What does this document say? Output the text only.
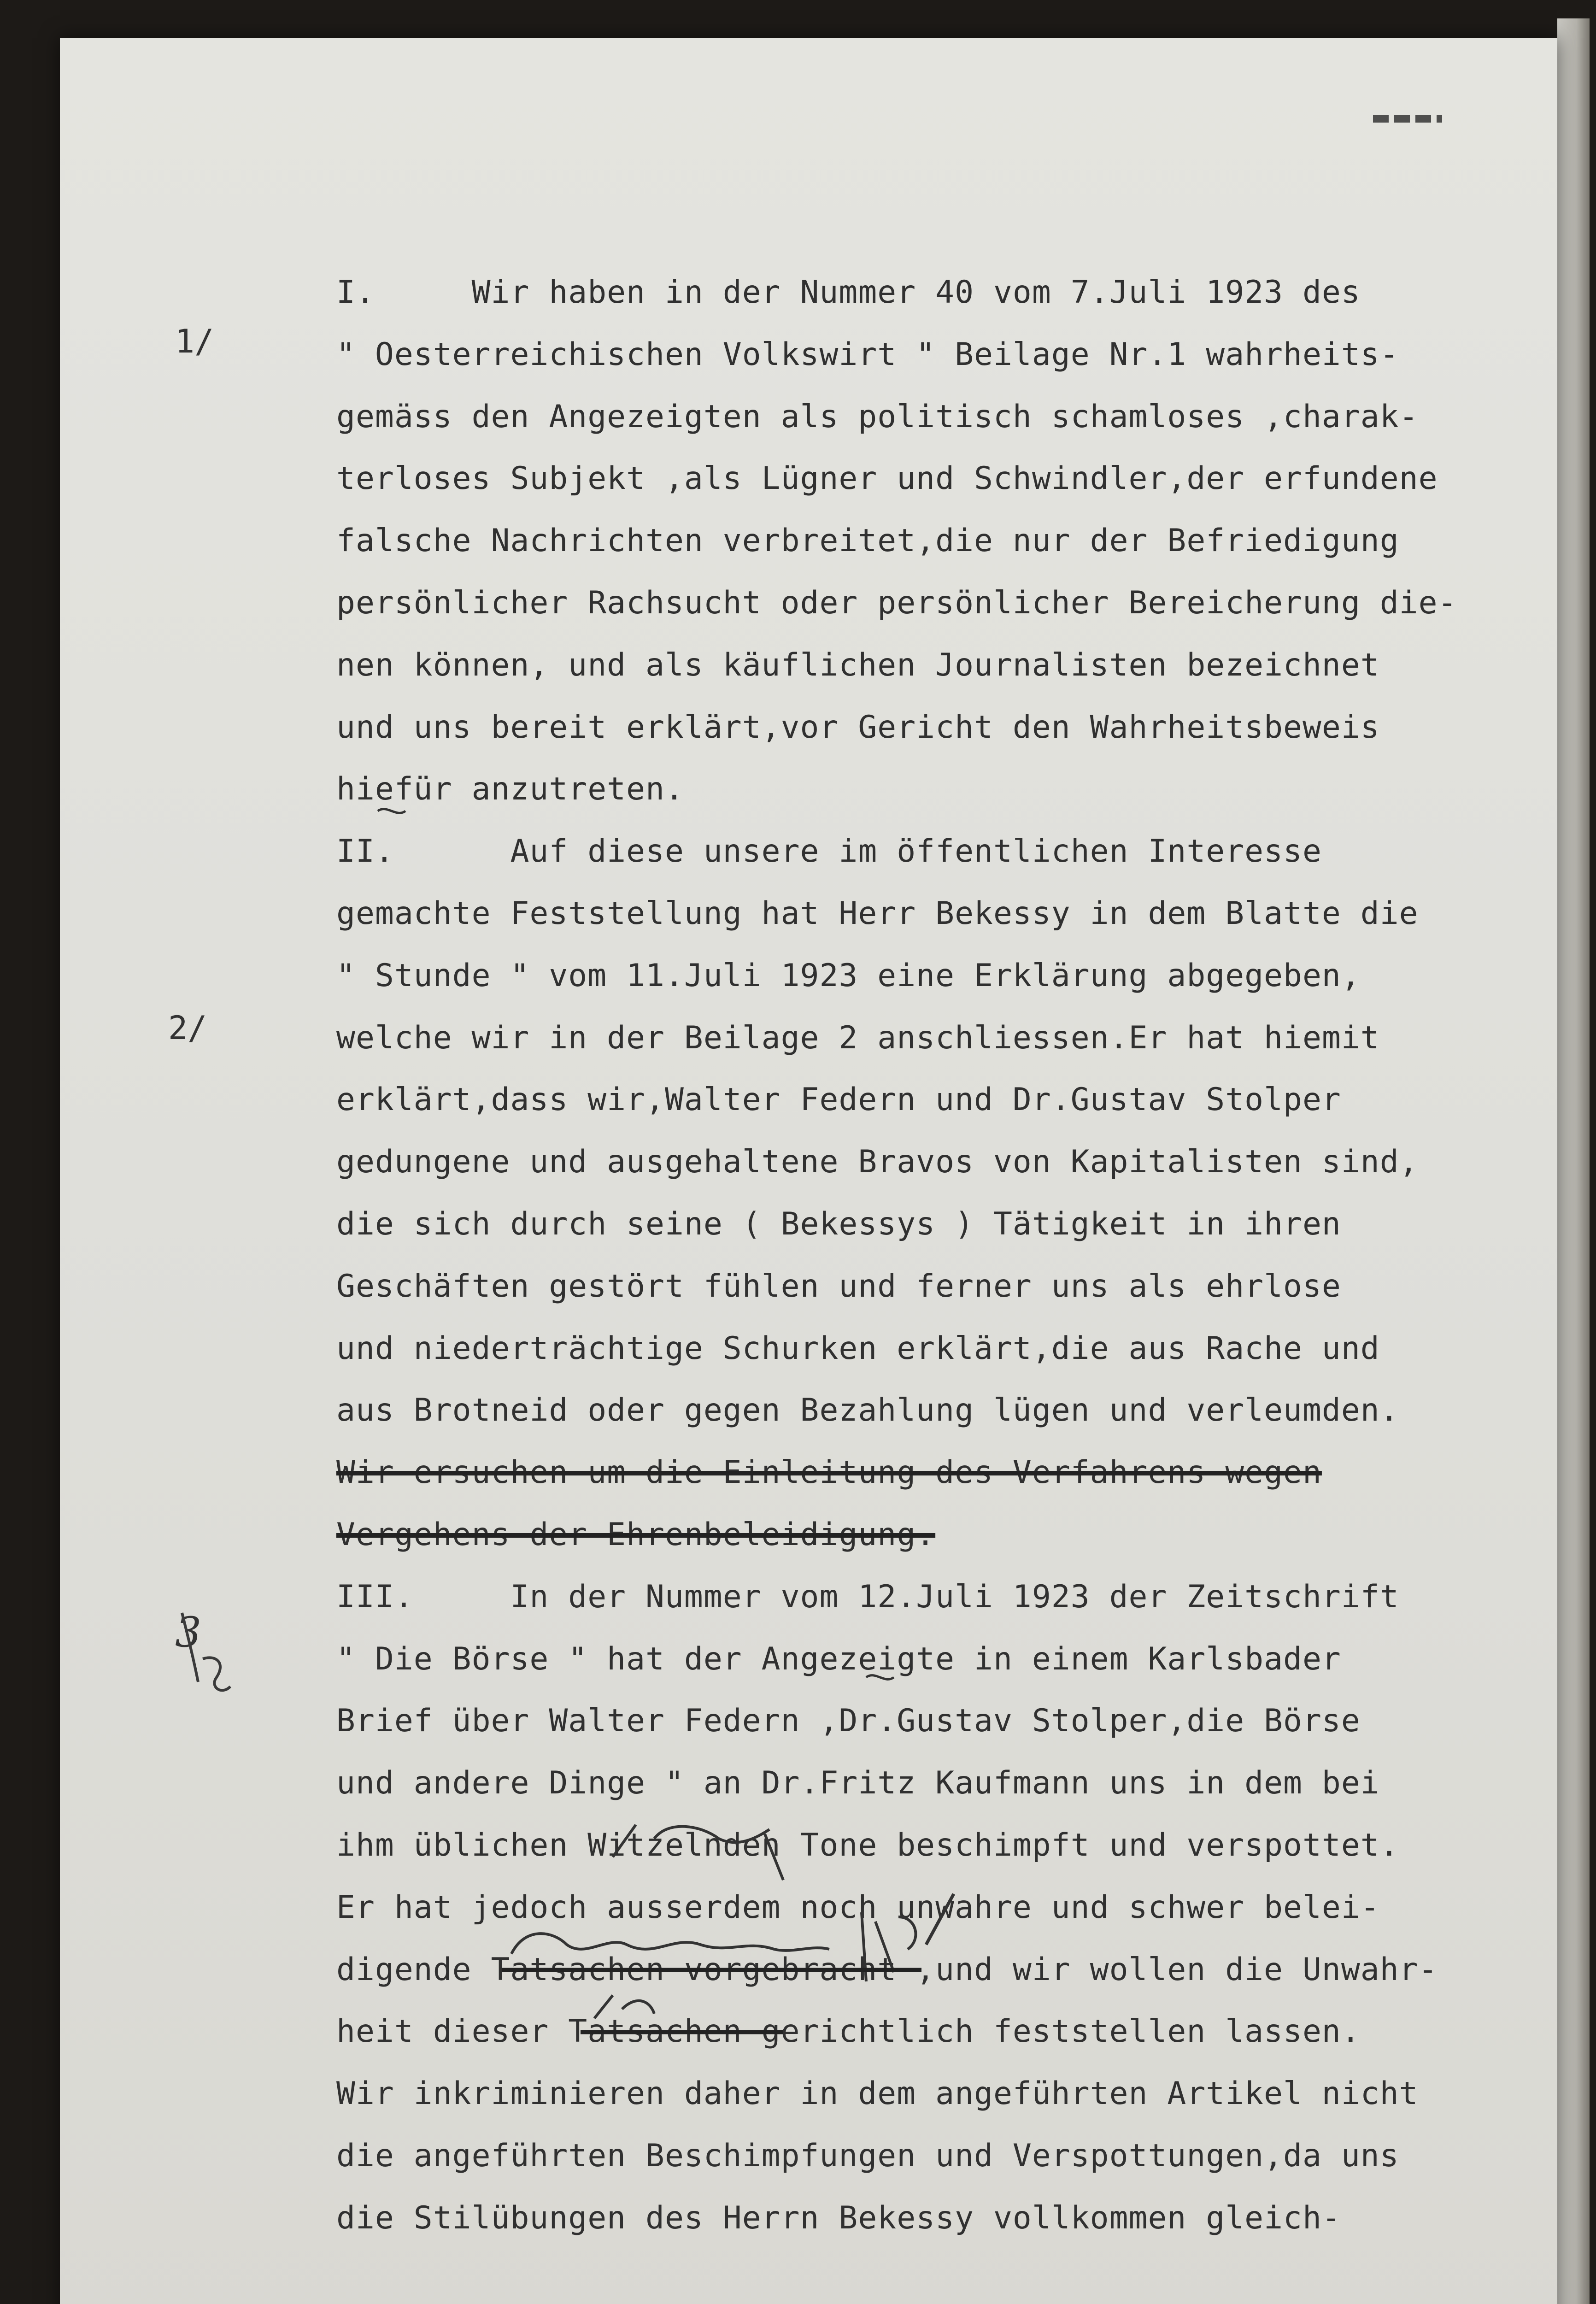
1/
2/
3
I.     Wir haben in der Nummer 40 vom 7.Juli 1923 des
" Oesterreichischen Volkswirt " Beilage Nr.1 wahrheits-
gemäss den Angezeigten als politisch schamloses ,charak-
terloses Subjekt ,als Lügner und Schwindler,der erfundene
falsche Nachrichten verbreitet,die nur der Befriedigung
persönlicher Rachsucht oder persönlicher Bereicherung die-
nen können, und als käuflichen Journalisten bezeichnet
und uns bereit erklärt,vor Gericht den Wahrheitsbeweis
hiefür anzutreten.
II.      Auf diese unsere im öffentlichen Interesse
gemachte Feststellung hat Herr Bekessy in dem Blatte die
" Stunde " vom 11.Juli 1923 eine Erklärung abgegeben,
welche wir in der Beilage 2 anschliessen.Er hat hiemit
erklärt,dass wir,Walter Federn und Dr.Gustav Stolper
gedungene und ausgehaltene Bravos von Kapitalisten sind,
die sich durch seine ( Bekessys ) Tätigkeit in ihren
Geschäften gestört fühlen und ferner uns als ehrlose
und niederträchtige Schurken erklärt,die aus Rache und
aus Brotneid oder gegen Bezahlung lügen und verleumden.
Wir ersuchen um die Einleitung des Verfahrens wegen
Vergehens der Ehrenbeleidigung.
III.     In der Nummer vom 12.Juli 1923 der Zeitschrift
" Die Börse " hat der Angezeigte in einem Karlsbader
Brief über Walter Federn ,Dr.Gustav Stolper,die Börse
und andere Dinge " an Dr.Fritz Kaufmann uns in dem bei
ihm üblichen Witzelnden Tone beschimpft und verspottet.
Er hat jedoch ausserdem noch unwahre und schwer belei-
digende Tatsachen vorgebracht ,und wir wollen die Unwahr-
heit dieser Tatsachen gerichtlich feststellen lassen.
Wir inkriminieren daher in dem angeführten Artikel nicht
die angeführten Beschimpfungen und Verspottungen,da uns
die Stilübungen des Herrn Bekessy vollkommen gleich-
